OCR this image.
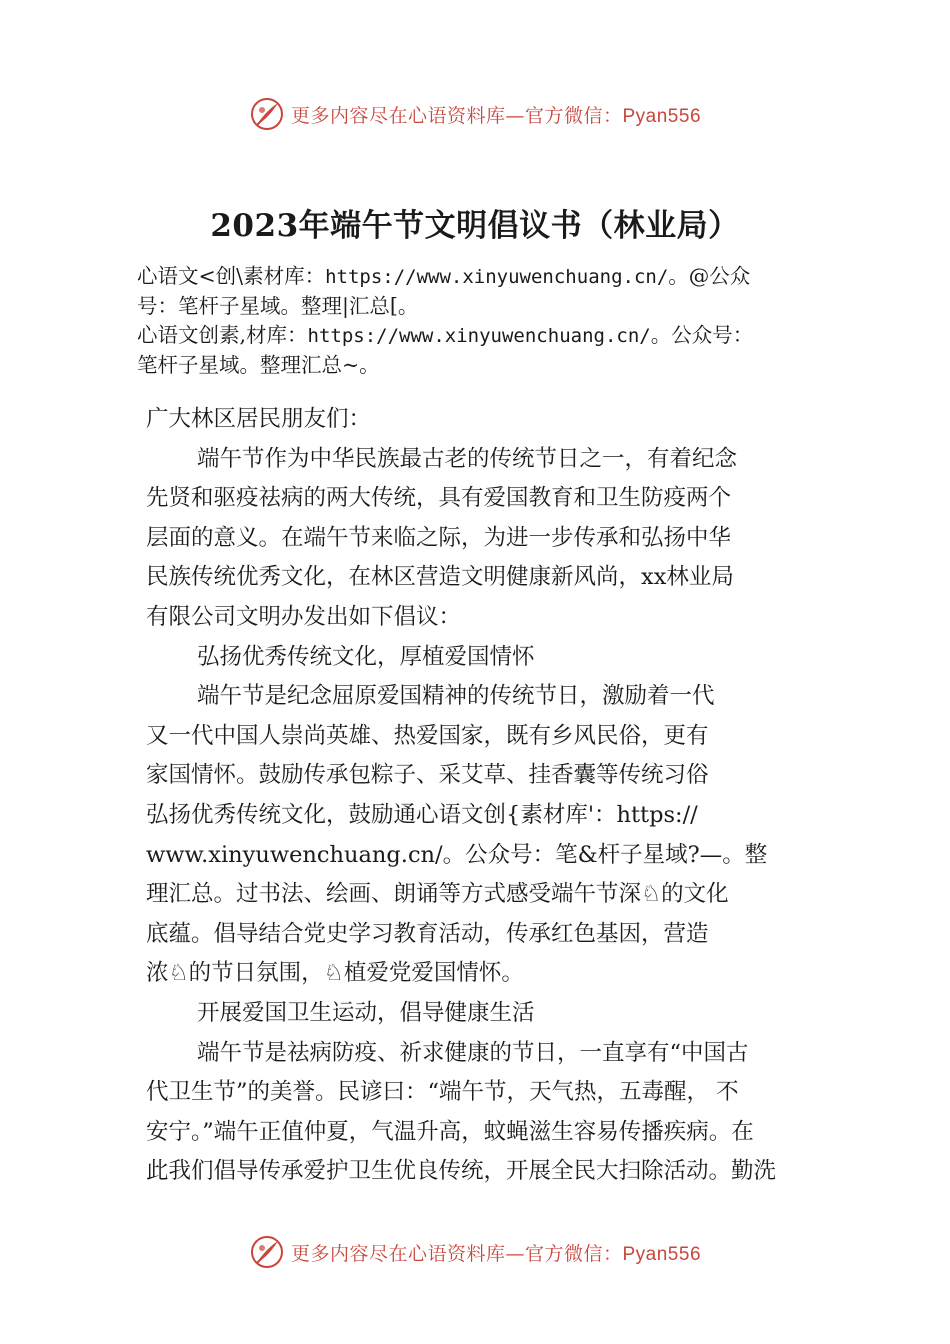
更多内容尽在心语资料库—官方微信：Pyan556
2023年端午节文明倡议书（林业局）

心语文<创\素材库：https://www.xinyuwenchuang.cn/。@公众

号：笔杆子星域。整理|汇总[。

心语文创素,材库：https://www.xinyuwenchuang.cn/。公众号：

笔杆子星域。整理汇总~。

广大林区居民朋友们：

端午节作为中华民族最古老的传统节日之一，有着纪念

先贤和驱疫祛病的两大传统，具有爱国教育和卫生防疫两个

层面的意义。在端午节来临之际，为进一步传承和弘扬中华

民族传统优秀文化，在林区营造文明健康新风尚，xx林业局

有限公司文明办发出如下倡议：

弘扬优秀传统文化，厚植爱国情怀

端午节是纪念屈原爱国精神的传统节日，激励着一代

又一代中国人崇尚英雄、热爱国家，既有乡风民俗，更有

家国情怀。鼓励传承包粽子、采艾草、挂香囊等传统习俗

弘扬优秀传统文化，鼓励通心语文创{素材库'：https://

www.xinyuwenchuang.cn/。公众号：笔&杆子星域?—。整

理汇总。过书法、绘画、朗诵等方式感受端午节深♘的文化

底蕴。倡导结合党史学习教育活动，传承红色基因，营造

浓♘的节日氛围，♘植爱党爱国情怀。

开展爱国卫生运动，倡导健康生活

端午节是祛病防疫、祈求健康的节日，一直享有“中国古

代卫生节”的美誉。民谚曰：“端午节，天气热，五毒醒， 不

安宁。”端午正值仲夏，气温升高，蚊蝇滋生容易传播疾病。在

此我们倡导传承爱护卫生优良传统，开展全民大扫除活动。勤洗

更多内容尽在心语资料库—官方微信：Pyan556
